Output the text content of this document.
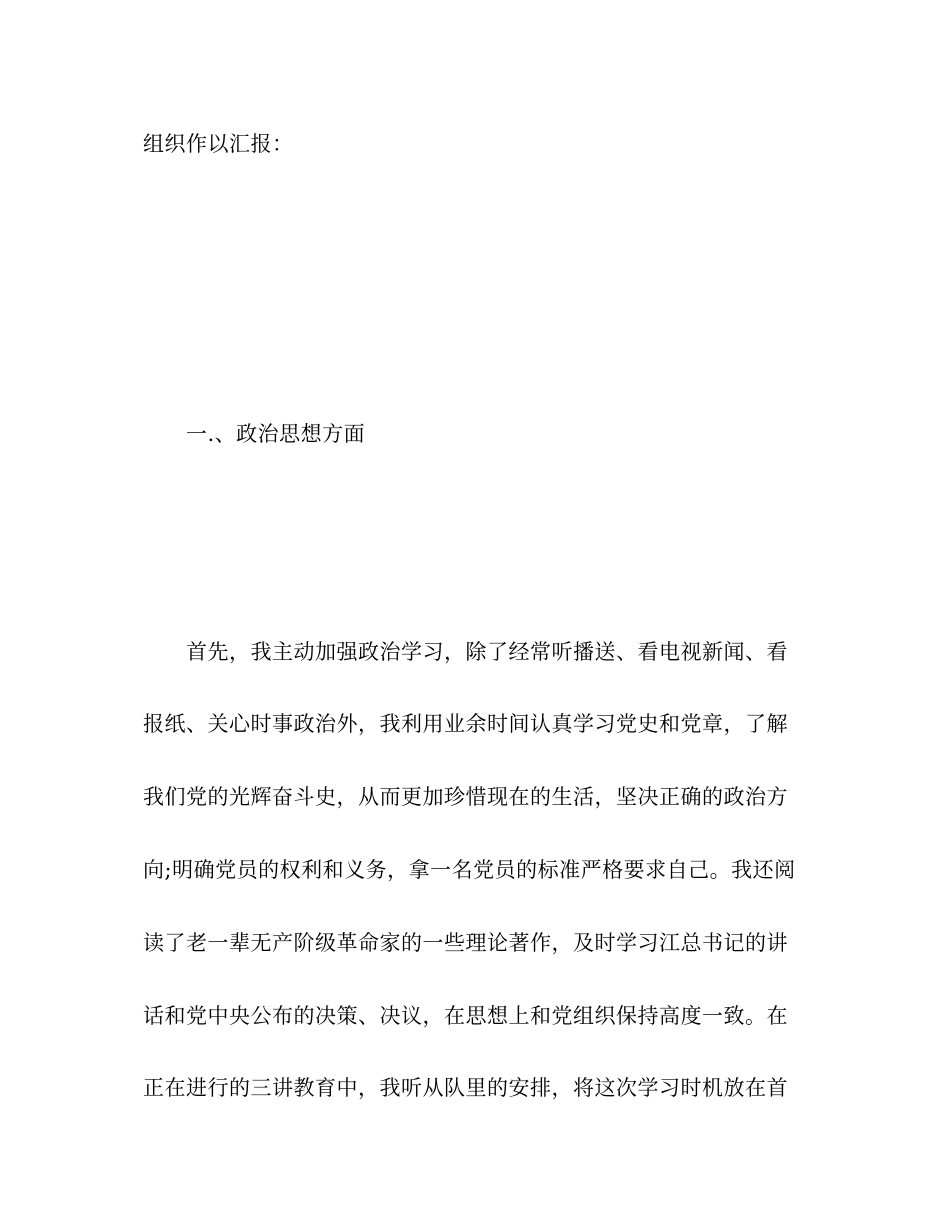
组织作以汇报：
一.、政治思想方面
首先，我主动加强政治学习，除了经常听播送、看电视新闻、看
报纸、关心时事政治外，我利用业余时间认真学习党史和党章，了解
我们党的光辉奋斗史，从而更加珍惜现在的生活，坚决正确的政治方
向;明确党员的权利和义务，拿一名党员的标准严格要求自己。我还阅
读了老一辈无产阶级革命家的一些理论著作，及时学习江总书记的讲
话和党中央公布的决策、决议，在思想上和党组织保持高度一致。在
正在进行的三讲教育中，我听从队里的安排，将这次学习时机放在首
